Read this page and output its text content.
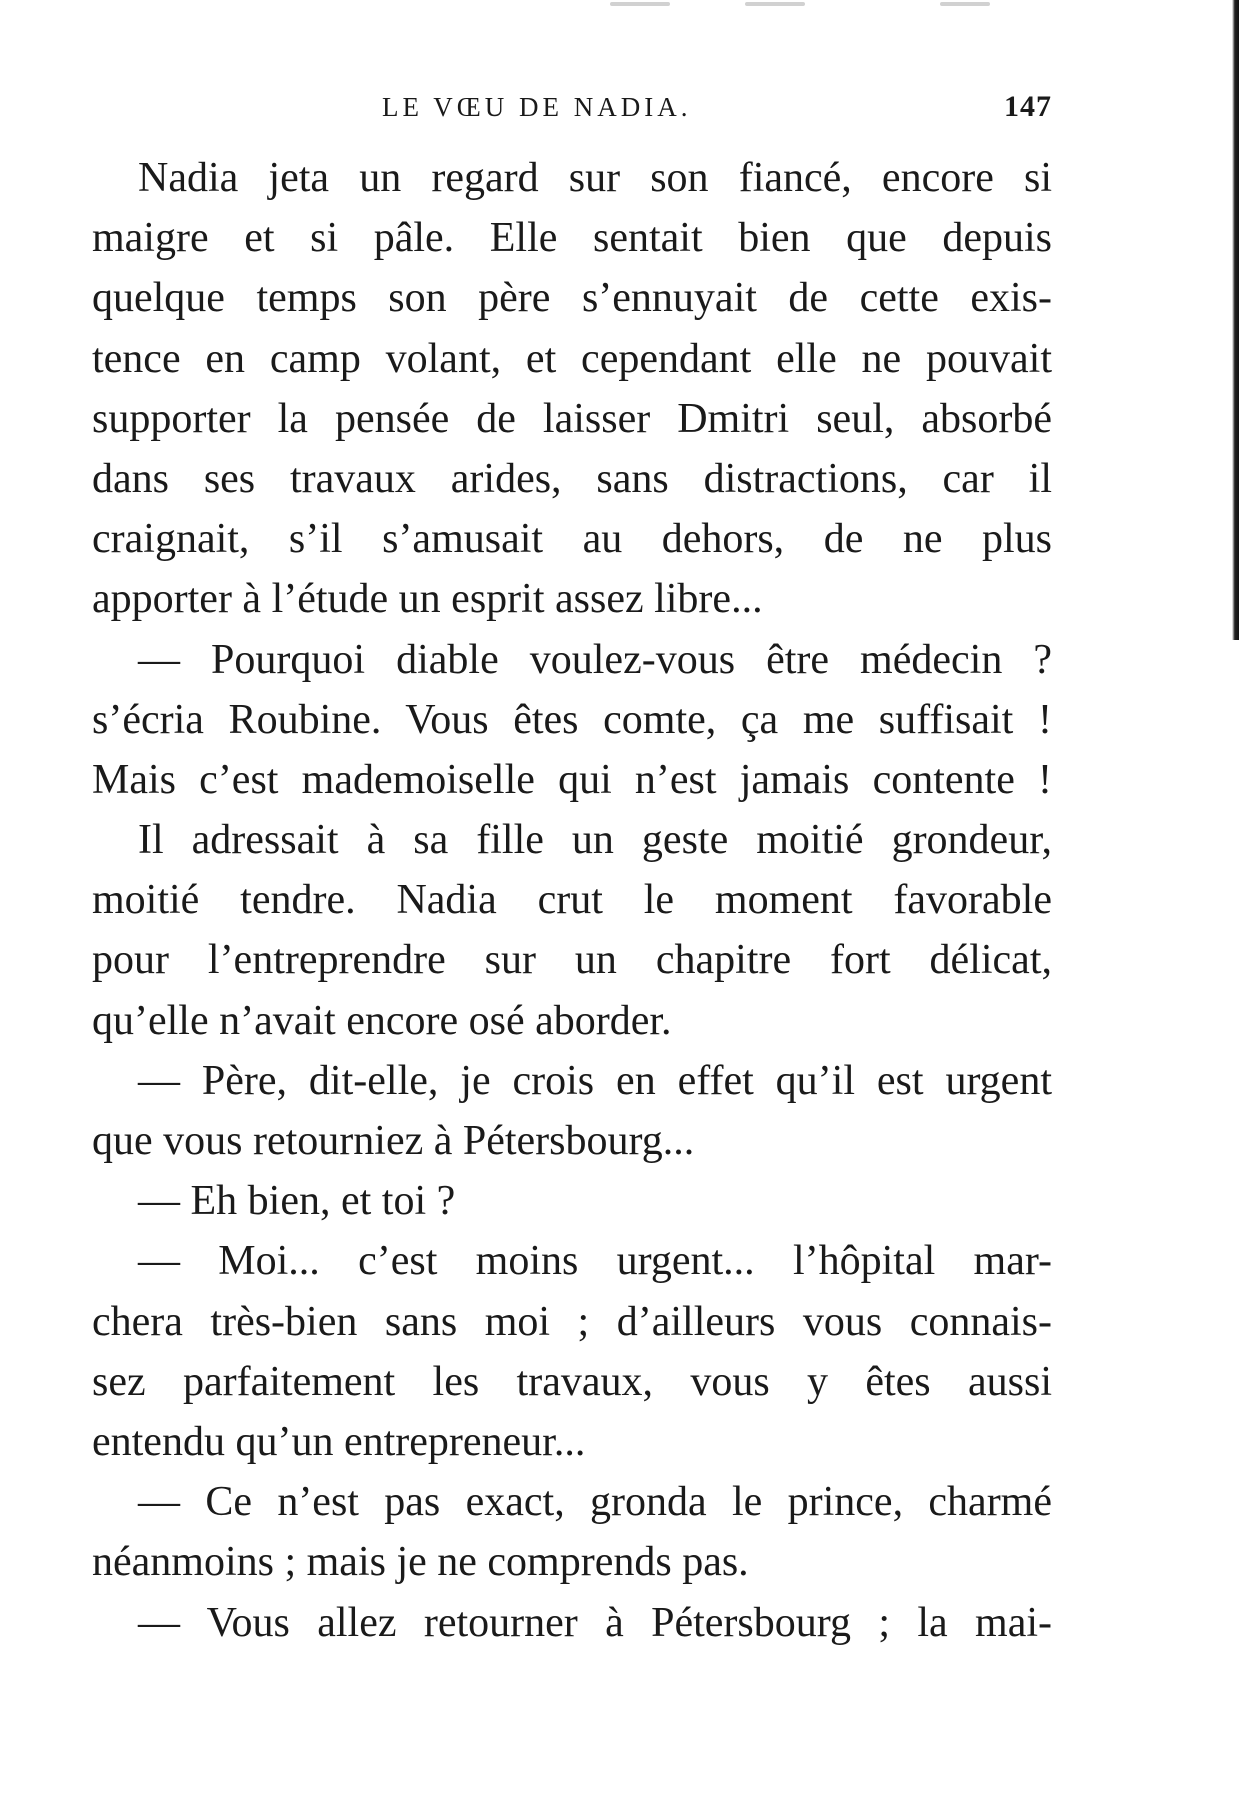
LE VŒU DE NADIA.	147
Nadia jeta un regard sur son fiancé, encore si
maigre et si pâle. Elle sentait bien que depuis
quelque temps son père s’ennuyait de cette exis-
tence en camp volant, et cependant elle ne pouvait
supporter la pensée de laisser Dmitri seul, absorbé
dans ses travaux arides, sans distractions, car il
craignait, s’il s’amusait au dehors, de ne plus
apporter à l’étude un esprit assez libre...
— Pourquoi diable voulez-vous être médecin ?
s’écria Roubine. Vous êtes comte, ça me suffisait !
Mais c’est mademoiselle qui n’est jamais contente !
Il adressait à sa fille un geste moitié grondeur,
moitié tendre. Nadia crut le moment favorable
pour l’entreprendre sur un chapitre fort délicat,
qu’elle n’avait encore osé aborder.
— Père, dit-elle, je crois en effet qu’il est urgent
que vous retourniez à Pétersbourg...
— Eh bien, et toi ?
— Moi... c’est moins urgent... l’hôpital mar-
chera très-bien sans moi ; d’ailleurs vous connais-
sez parfaitement les travaux, vous y êtes aussi
entendu qu’un entrepreneur...
— Ce n’est pas exact, gronda le prince, charmé
néanmoins ; mais je ne comprends pas.
— Vous allez retourner à Pétersbourg ; la mai-
